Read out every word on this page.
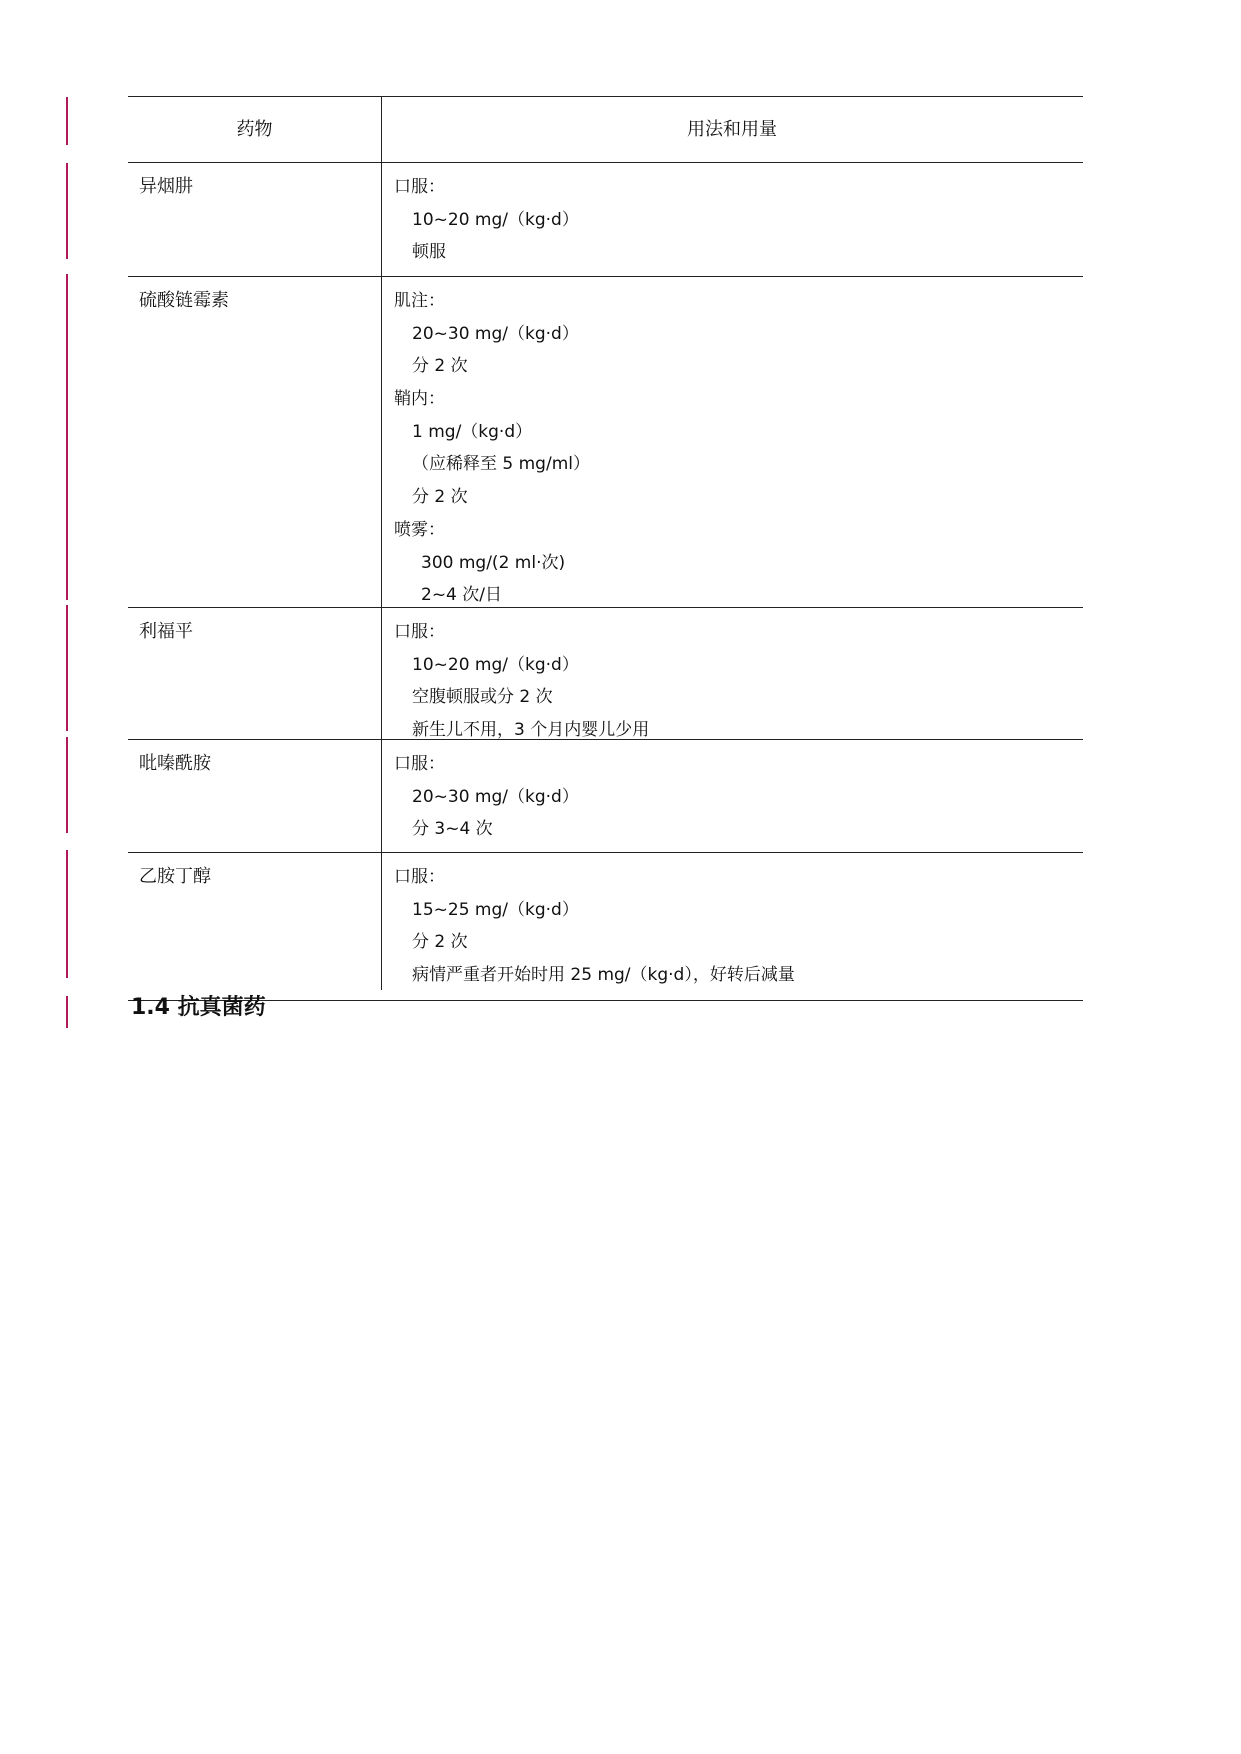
药物	用法和用量
异烟肼	口服：
10~20 mg/（kg·d）
顿服
硫酸链霉素	肌注：
20~30 mg/（kg·d）
分 2 次
鞘内：
1 mg/（kg·d）
（应稀释至 5 mg/ml）
分 2 次
喷雾：
300 mg/(2 ml·次)
2~4 次/日
利福平	口服：
10~20 mg/（kg·d）
空腹顿服或分 2 次
新生儿不用，3 个月内婴儿少用
吡嗪酰胺	口服：
20~30 mg/（kg·d）
分 3~4 次
乙胺丁醇	口服：
15~25 mg/（kg·d）
分 2 次
病情严重者开始时用 25 mg/（kg·d），好转后减量
1.4 抗真菌药
